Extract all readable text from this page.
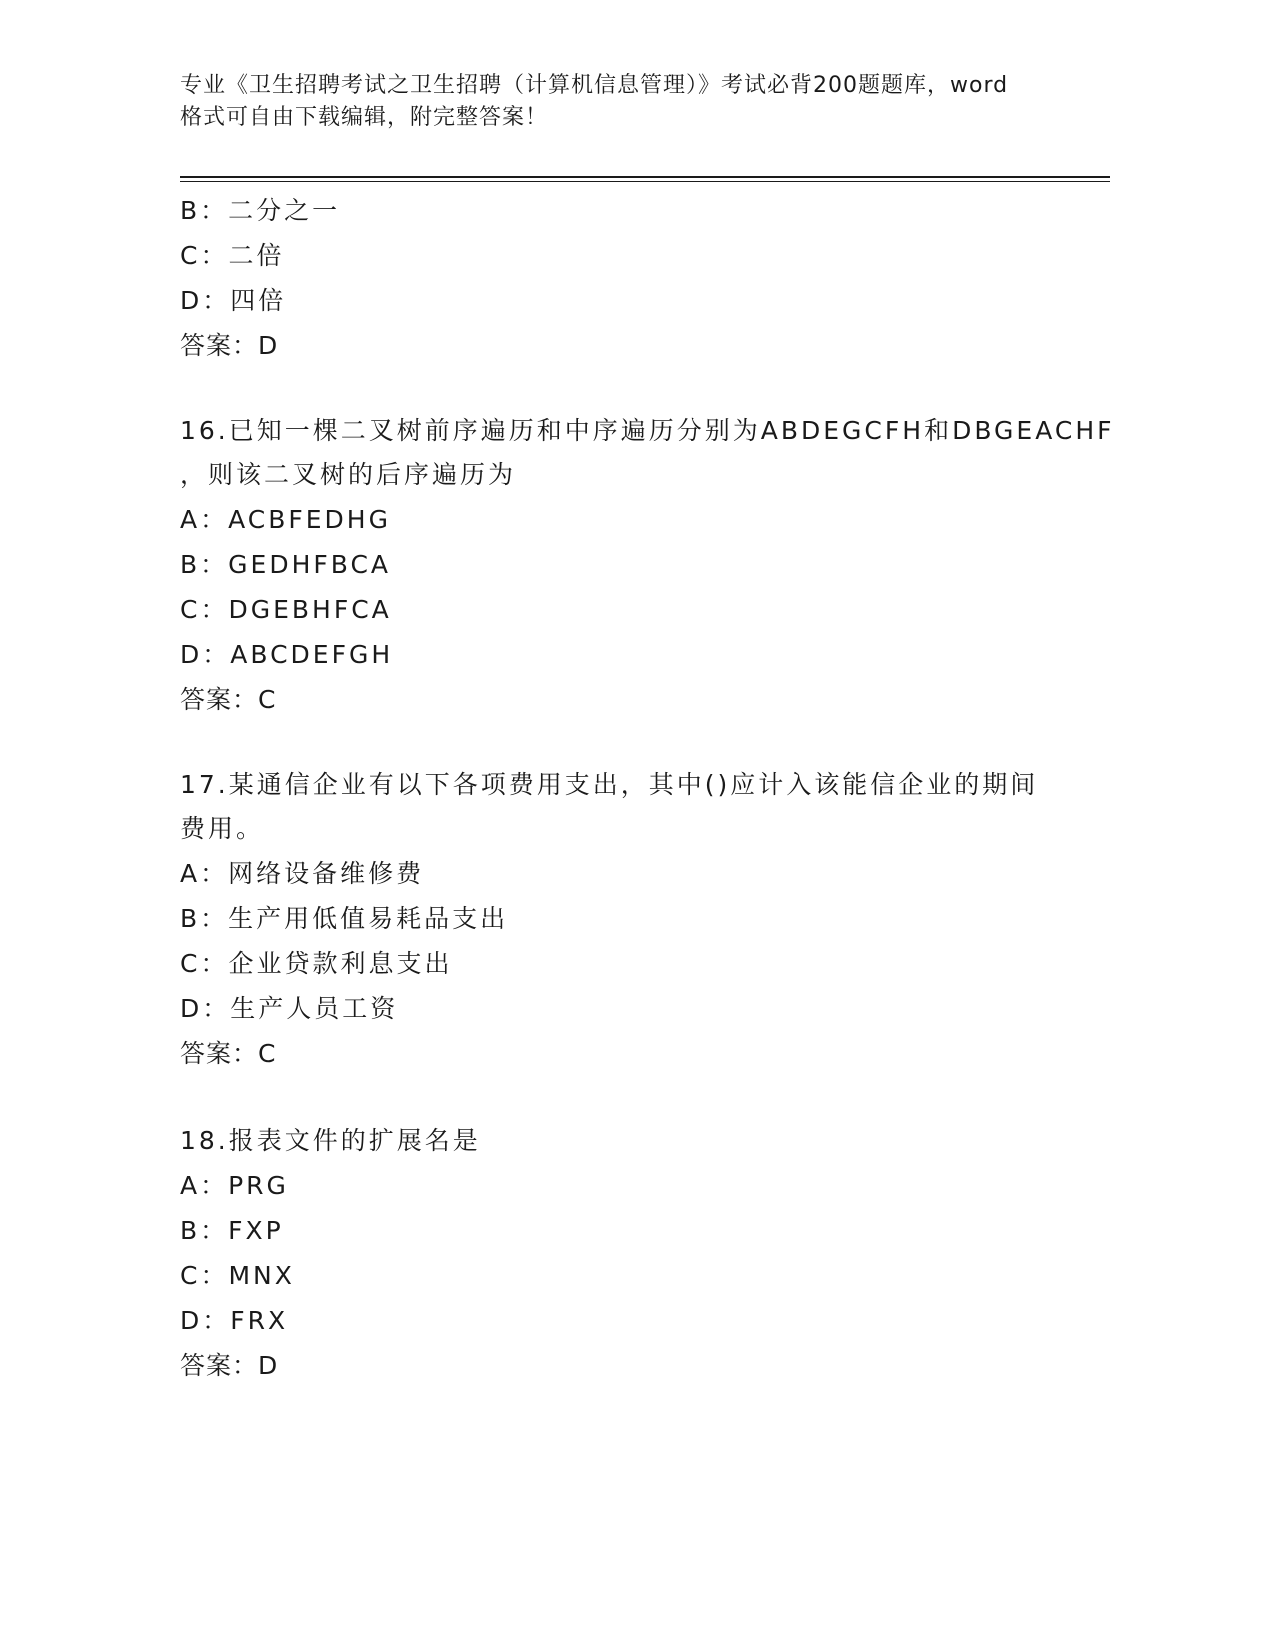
专业《卫生招聘考试之卫生招聘（计算机信息管理）》考试必背200题题库，word
格式可自由下载编辑，附完整答案！
B：二分之一
C：二倍
D：四倍
答案：D
16.已知一棵二叉树前序遍历和中序遍历分别为ABDEGCFH和DBGEACHF
，则该二叉树的后序遍历为
A：ACBFEDHG
B：GEDHFBCA
C：DGEBHFCA
D：ABCDEFGH
答案：C
17.某通信企业有以下各项费用支出，其中()应计入该能信企业的期间
费用。
A：网络设备维修费
B：生产用低值易耗品支出
C：企业贷款利息支出
D：生产人员工资
答案：C
18.报表文件的扩展名是
A：PRG
B：FXP
C：MNX
D：FRX
答案：D
